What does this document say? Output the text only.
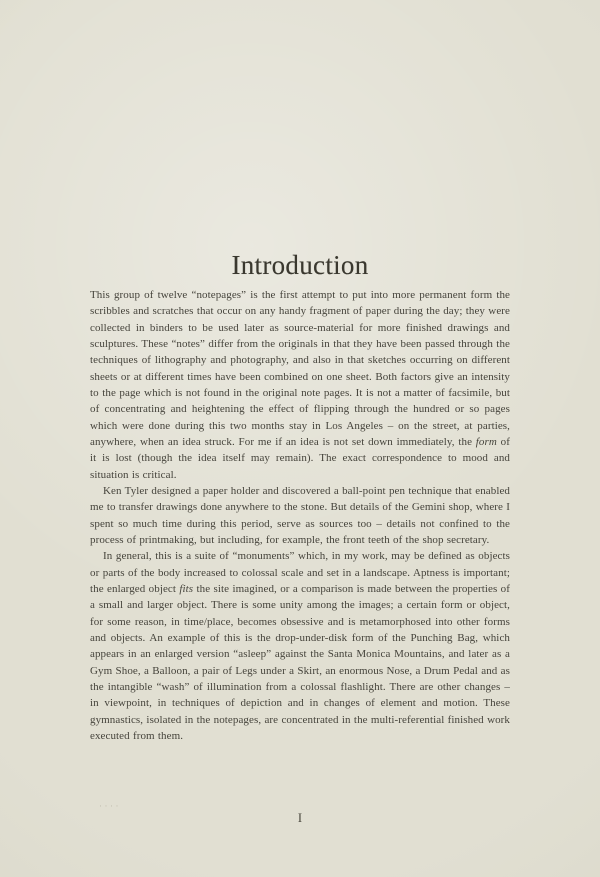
Introduction

This group of twelve “notepages” is the first attempt to put into more permanent form the scribbles and scratches that occur on any handy fragment of paper during the day; they were collected in binders to be used later as source-material for more finished drawings and sculptures. These “notes” differ from the originals in that they have been passed through the techniques of lithography and photography, and also in that sketches occurring on different sheets or at different times have been combined on one sheet. Both factors give an intensity to the page which is not found in the original note pages. It is not a matter of facsimile, but of concentrating and heightening the effect of flipping through the hundred or so pages which were done during this two months stay in Los Angeles – on the street, at parties, anywhere, when an idea struck. For me if an idea is not set down immediately, the form of it is lost (though the idea itself may remain). The exact correspondence to mood and situation is critical.

Ken Tyler designed a paper holder and discovered a ball-point pen technique that enabled me to transfer drawings done anywhere to the stone. But details of the Gemini shop, where I spent so much time during this period, serve as sources too – details not confined to the process of printmaking, but including, for example, the front teeth of the shop secretary.

In general, this is a suite of “monuments” which, in my work, may be defined as objects or parts of the body increased to colossal scale and set in a landscape. Aptness is important; the enlarged object fits the site imagined, or a comparison is made between the properties of a small and larger object. There is some unity among the images; a certain form or object, for some reason, in time/place, becomes obsessive and is metamorphosed into other forms and objects. An example of this is the drop-under-disk form of the Punching Bag, which appears in an enlarged version “asleep” against the Santa Monica Mountains, and later as a Gym Shoe, a Balloon, a pair of Legs under a Skirt, an enormous Nose, a Drum Pedal and as the intangible “wash” of illumination from a colossal flashlight. There are other changes – in viewpoint, in techniques of depiction and in changes of element and motion. These gymnastics, isolated in the notepages, are concentrated in the multi-referential finished work executed from them.

····
I
